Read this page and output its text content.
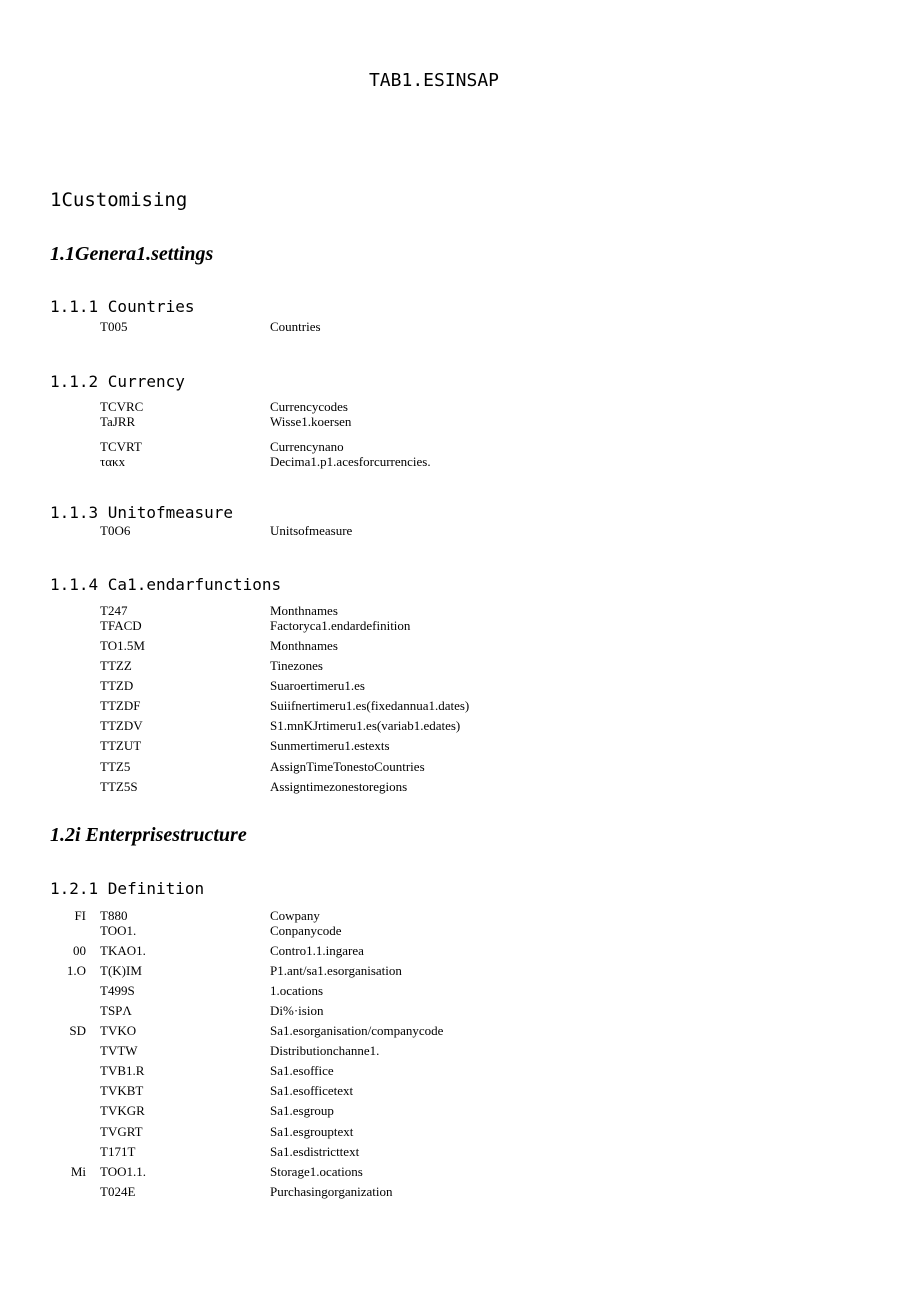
TAB1.ESINSAP
1Customising
1.1Genera1.settings
1.1.1 Countries
T005	Countries
1.1.2 Currency
TCVRC	Currencycodes
TaJRR	Wisse1.koersen
TCVRT	Currencynano
τακx	Decima1.p1.acesforcurrencies.
1.1.3 Unitofmeasure
T0O6	Unitsofmeasure
1.1.4 Ca1.endarfunctions
T247	Monthnames
TFACD	Factoryca1.endardefinition
TO1.5M	Monthnames
TTZZ	Tinezones
TTZD	Suaroertimeru1.es
TTZDF	Suiifnertimeru1.es(fixedannua1.dates)
TTZDV	S1.mnKJrtimeru1.es(variab1.edates)
TTZUT	Sunmertimeru1.estexts
TTZ5	AssignTimeTonestoCountries
TTZ5S	Assigntimezonestoregions
1.2i Enterprisestructure
1.2.1 Definition
FI T880	Cowpany
TOO1.	Conpanycode
00 TKAO1.	Contro1.1.ingarea
1.O T(K)IM	P1.ant/sa1.esorganisation
T499S	1.ocations
TSPΛ	Di%·ision
SD TVKO	Sa1.esorganisation/companycode
TVTW	Distributionchanne1.
TVB1.R	Sa1.esoffice
TVKBT	Sa1.esofficetext
TVKGR	Sa1.esgroup
TVGRT	Sa1.esgrouptext
T171T	Sa1.esdistricttext
Mi TOO1.1.	Storage1.ocations
T024E	Purchasingorganization
